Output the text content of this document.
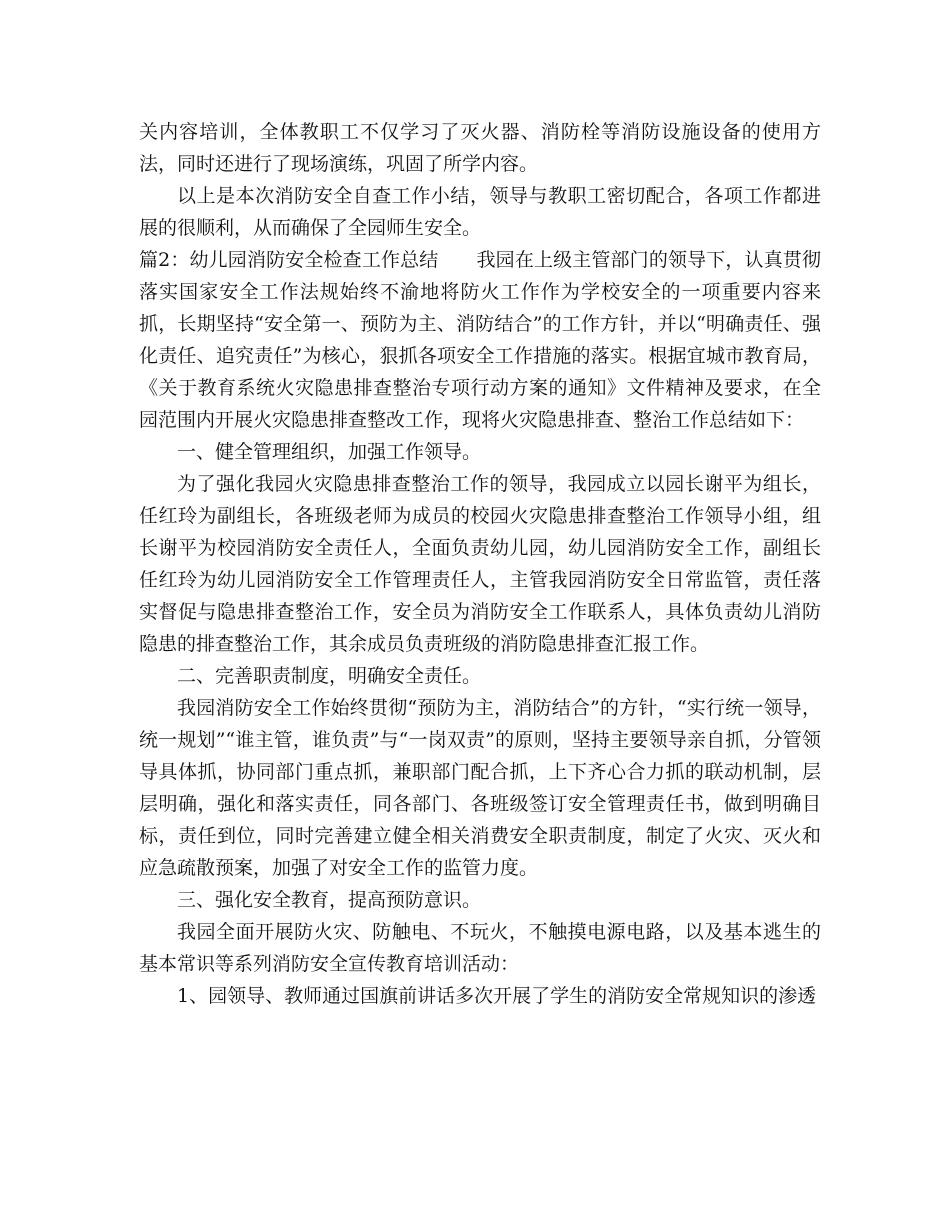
关内容培训，全体教职工不仅学习了灭火器、消防栓等消防设施设备的使用方法，同时还进行了现场演练，巩固了所学内容。

以上是本次消防安全自查工作小结，领导与教职工密切配合，各项工作都进展的很顺利，从而确保了全园师生安全。

篇2：幼儿园消防安全检查工作总结 我园在上级主管部门的领导下，认真贯彻落实国家安全工作法规始终不渝地将防火工作作为学校安全的一项重要内容来抓，长期坚持“安全第一、预防为主、消防结合”的工作方针，并以“明确责任、强化责任、追究责任”为核心，狠抓各项安全工作措施的落实。根据宜城市教育局，《关于教育系统火灾隐患排查整治专项行动方案的通知》文件精神及要求，在全园范围内开展火灾隐患排查整改工作，现将火灾隐患排查、整治工作总结如下：

一、健全管理组织，加强工作领导。

为了强化我园火灾隐患排查整治工作的领导，我园成立以园长谢平为组长，任红玲为副组长，各班级老师为成员的校园火灾隐患排查整治工作领导小组，组长谢平为校园消防安全责任人，全面负责幼儿园，幼儿园消防安全工作，副组长任红玲为幼儿园消防安全工作管理责任人，主管我园消防安全日常监管，责任落实督促与隐患排查整治工作，安全员为消防安全工作联系人，具体负责幼儿消防隐患的排查整治工作，其余成员负责班级的消防隐患排查汇报工作。

二、完善职责制度，明确安全责任。

我园消防安全工作始终贯彻“预防为主，消防结合”的方针，“实行统一领导，统一规划”“谁主管，谁负责”与“一岗双责”的原则，坚持主要领导亲自抓，分管领导具体抓，协同部门重点抓，兼职部门配合抓，上下齐心合力抓的联动机制，层层明确，强化和落实责任，同各部门、各班级签订安全管理责任书，做到明确目标，责任到位，同时完善建立健全相关消费安全职责制度，制定了火灾、灭火和应急疏散预案，加强了对安全工作的监管力度。

三、强化安全教育，提高预防意识。

我园全面开展防火灾、防触电、不玩火，不触摸电源电路，以及基本逃生的基本常识等系列消防安全宣传教育培训活动：

1、园领导、教师通过国旗前讲话多次开展了学生的消防安全常规知识的渗透
